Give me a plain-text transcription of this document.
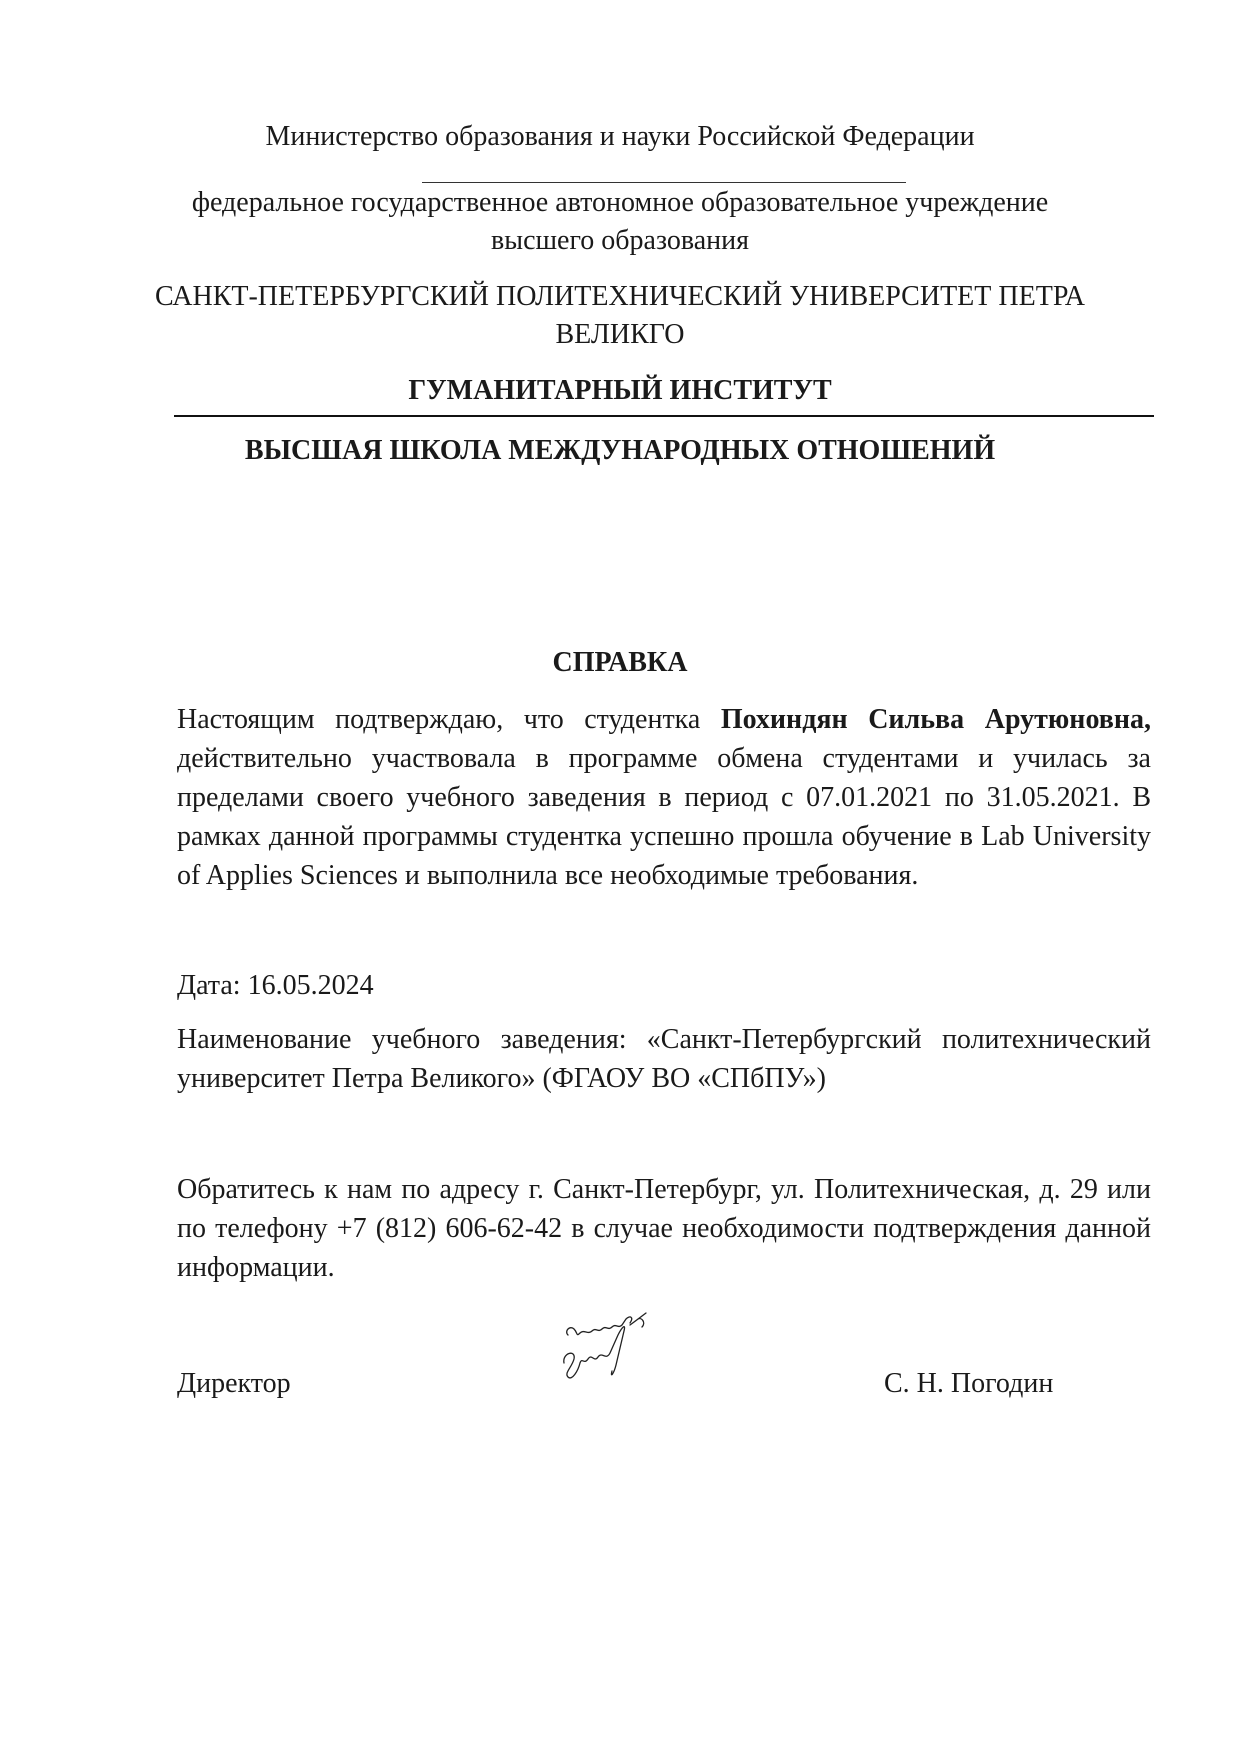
Министерство образования и науки Российской Федерации
федеральное государственное автономное образовательное учреждение
высшего образования
САНКТ-ПЕТЕРБУРГСКИЙ ПОЛИТЕХНИЧЕСКИЙ УНИВЕРСИТЕТ ПЕТРА
ВЕЛИКГО
ГУМАНИТАРНЫЙ ИНСТИТУТ
ВЫСШАЯ ШКОЛА МЕЖДУНАРОДНЫХ ОТНОШЕНИЙ
СПРАВКА
Настоящим подтверждаю, что студентка Похиндян Сильва Арутюновна, действительно участвовала в программе обмена студентами и училась за пределами своего учебного заведения в период с 07.01.2021 по 31.05.2021. В рамках данной программы студентка успешно прошла обучение в Lab University of Applies Sciences и выполнила все необходимые требования.
Дата: 16.05.2024
Наименование учебного заведения: «Санкт-Петербургский политехнический университет Петра Великого» (ФГАОУ ВО «СПбПУ»)
Обратитесь к нам по адресу г. Санкт-Петербург, ул. Политехническая, д. 29 или по телефону +7 (812) 606-62-42 в случае необходимости подтверждения данной информации.
Директор	С. Н. Погодин
